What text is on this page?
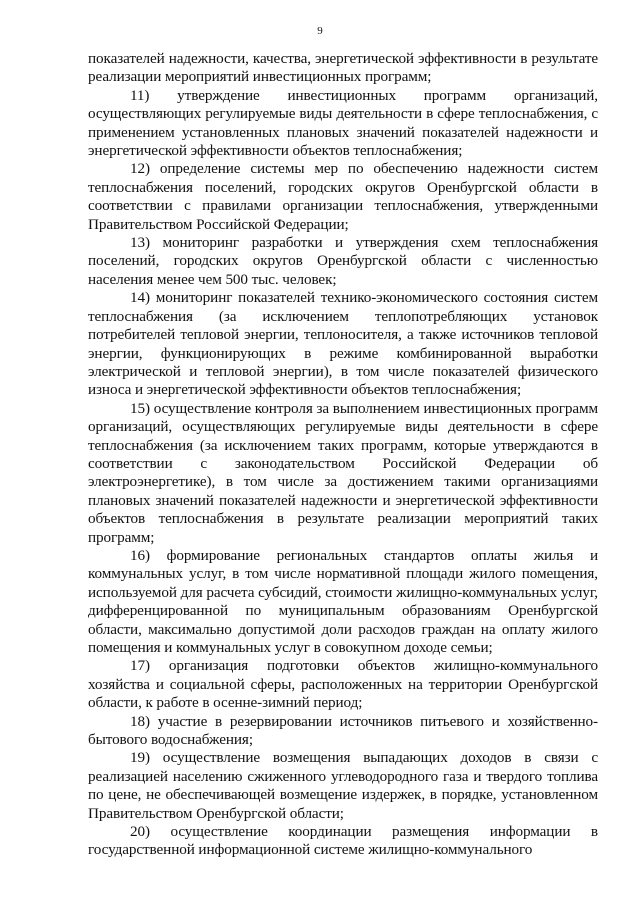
9

показателей надежности, качества, энергетической эффективности в результате реализации мероприятий инвестиционных программ;

11) утверждение инвестиционных программ организаций, осуществляющих регулируемые виды деятельности в сфере теплоснабжения, с применением установленных плановых значений показателей надежности и энергетической эффективности объектов теплоснабжения;

12) определение системы мер по обеспечению надежности систем теплоснабжения поселений, городских округов Оренбургской области в соответствии с правилами организации теплоснабжения, утвержденными Правительством Российской Федерации;

13) мониторинг разработки и утверждения схем теплоснабжения поселений, городских округов Оренбургской области с численностью населения менее чем 500 тыс. человек;

14) мониторинг показателей технико-экономического состояния систем теплоснабжения (за исключением теплопотребляющих установок потребителей тепловой энергии, теплоносителя, а также источников тепловой энергии, функционирующих в режиме комбинированной выработки электрической и тепловой энергии), в том числе показателей физического износа и энергетической эффективности объектов теплоснабжения;

15) осуществление контроля за выполнением инвестиционных программ организаций, осуществляющих регулируемые виды деятельности в сфере теплоснабжения (за исключением таких программ, которые утверждаются в соответствии с законодательством Российской Федерации об электроэнергетике), в том числе за достижением такими организациями плановых значений показателей надежности и энергетической эффективности объектов теплоснабжения в результате реализации мероприятий таких программ;

16) формирование региональных стандартов оплаты жилья и коммунальных услуг, в том числе нормативной площади жилого помещения, используемой для расчета субсидий, стоимости жилищно-коммунальных услуг, дифференцированной по муниципальным образованиям Оренбургской области, максимально допустимой доли расходов граждан на оплату жилого помещения и коммунальных услуг в совокупном доходе семьи;

17) организация подготовки объектов жилищно-коммунального хозяйства и социальной сферы, расположенных на территории Оренбургской области, к работе в осенне-зимний период;

18) участие в резервировании источников питьевого и хозяйственно-бытового водоснабжения;

19) осуществление возмещения выпадающих доходов в связи с реализацией населению сжиженного углеводородного газа и твердого топлива по цене, не обеспечивающей возмещение издержек, в порядке, установленном Правительством Оренбургской области;

20) осуществление координации размещения информации в государственной информационной системе жилищно-коммунального
